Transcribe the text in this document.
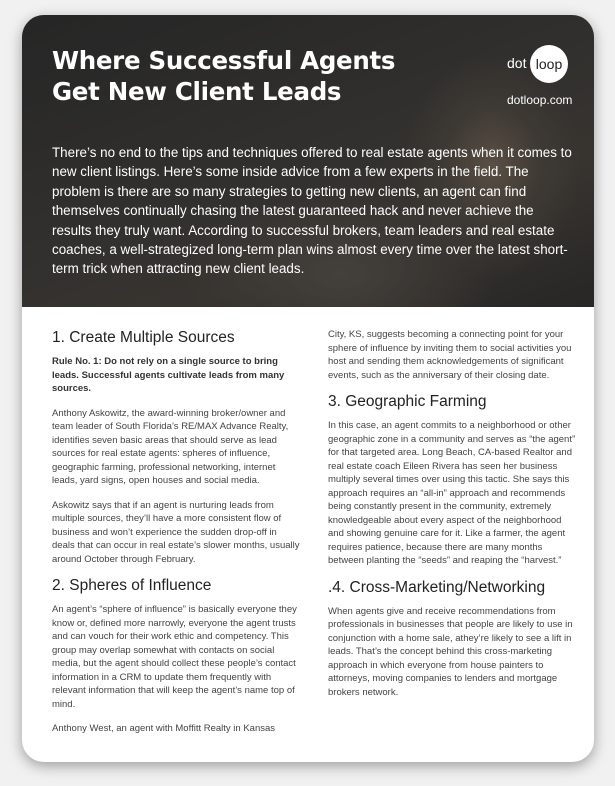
Where Successful Agents
Get New Client Leads
dot loop
dotloop.com

There’s no end to the tips and techniques offered to real estate agents when it comes to new client listings. Here’s some inside advice from a few experts in the field. The problem is there are so many strategies to getting new clients, an agent can find themselves continually chasing the latest guaranteed hack and never achieve the results they truly want. According to successful brokers, team leaders and real estate coaches, a well-strategized long-term plan wins almost every time over the latest short-term trick when attracting new client leads.

1. Create Multiple Sources

Rule No. 1: Do not rely on a single source to bring leads. Successful agents cultivate leads from many sources.

Anthony Askowitz, the award-winning broker/owner and team leader of South Florida’s RE/MAX Advance Realty, identifies seven basic areas that should serve as lead sources for real estate agents: spheres of influence, geographic farming, professional networking, internet leads, yard signs, open houses and social media.

Askowitz says that if an agent is nurturing leads from multiple sources, they’ll have a more consistent flow of business and won’t experience the sudden drop-off in deals that can occur in real estate’s slower months, usually around October through February.

2. Spheres of Influence

An agent’s “sphere of influence” is basically everyone they know or, defined more narrowly, everyone the agent trusts and can vouch for their work ethic and competency. This group may overlap somewhat with contacts on social media, but the agent should collect these people’s contact information in a CRM to update them frequently with relevant information that will keep the agent’s name top of mind.

Anthony West, an agent with Moffitt Realty in Kansas

City, KS, suggests becoming a connecting point for your sphere of influence by inviting them to social activities you host and sending them acknowledgements of significant events, such as the anniversary of their closing date.

3. Geographic Farming

In this case, an agent commits to a neighborhood or other geographic zone in a community and serves as “the agent” for that targeted area. Long Beach, CA-based Realtor and real estate coach Eileen Rivera has seen her business multiply several times over using this tactic. She says this approach requires an “all-in” approach and recommends being constantly present in the community, extremely knowledgeable about every aspect of the neighborhood and showing genuine care for it. Like a farmer, the agent requires patience, because there are many months between planting the “seeds” and reaping the “harvest.”

.4. Cross-Marketing/Networking

When agents give and receive recommendations from professionals in businesses that people are likely to use in conjunction with a home sale, athey’re likely to see a lift in leads. That’s the concept behind this cross-marketing approach in which everyone from house painters to attorneys, moving companies to lenders and mortgage brokers network.
